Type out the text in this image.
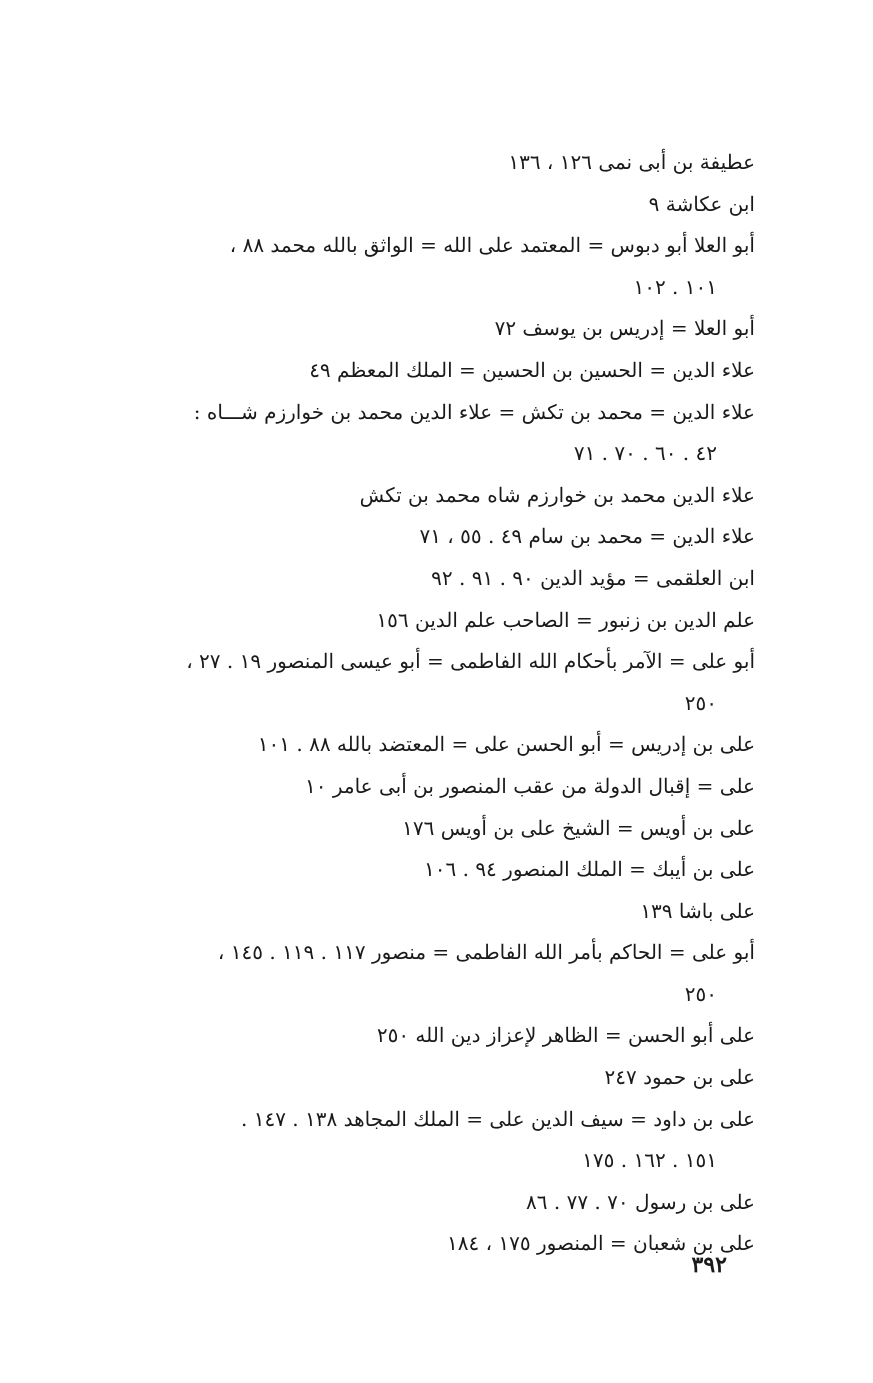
عطيفة بن أبى نمى ١٢٦ ، ١٣٦
ابن عكاشة ٩
أبو العلا أبو دبوس = المعتمد على الله = الواثق بالله محمد ٨٨ ،
١٠١ . ١٠٢
أبو العلا = إدريس بن يوسف ٧٢
علاء الدين = الحسين بن الحسين = الملك المعظم ٤٩
علاء الدين = محمد بن تكش = علاء الدين محمد بن خوارزم شـــاه :
٤٢ . ٦٠ . ٧٠ . ٧١
علاء الدين محمد بن خوارزم شاه محمد بن تكش
علاء الدين = محمد بن سام ٤٩ . ٥٥ ، ٧١
ابن العلقمى = مؤيد الدين ٩٠ . ٩١ . ٩٢
علم الدين بن زنبور = الصاحب علم الدين ١٥٦
أبو على = الآمر بأحكام الله الفاطمى = أبو عيسى المنصور ١٩ . ٢٧ ،
٢٥٠
على بن إدريس = أبو الحسن على = المعتضد بالله ٨٨ . ١٠١
على = إقبال الدولة من عقب المنصور بن أبى عامر ١٠
على بن أويس = الشيخ على بن أويس ١٧٦
على بن أيبك = الملك المنصور ٩٤ . ١٠٦
على باشا ١٣٩
أبو على = الحاكم بأمر الله الفاطمى = منصور ١١٧ . ١١٩ . ١٤٥ ،
٢٥٠
على أبو الحسن = الظاهر لإعزاز دين الله ٢٥٠
على بن حمود ٢٤٧
على بن داود = سيف الدين على = الملك المجاهد ١٣٨ . ١٤٧ .
١٥١ . ١٦٢ . ١٧٥
على بن رسول ٧٠ . ٧٧ . ٨٦
على بن شعبان = المنصور ١٧٥ ، ١٨٤
٣٩٢
